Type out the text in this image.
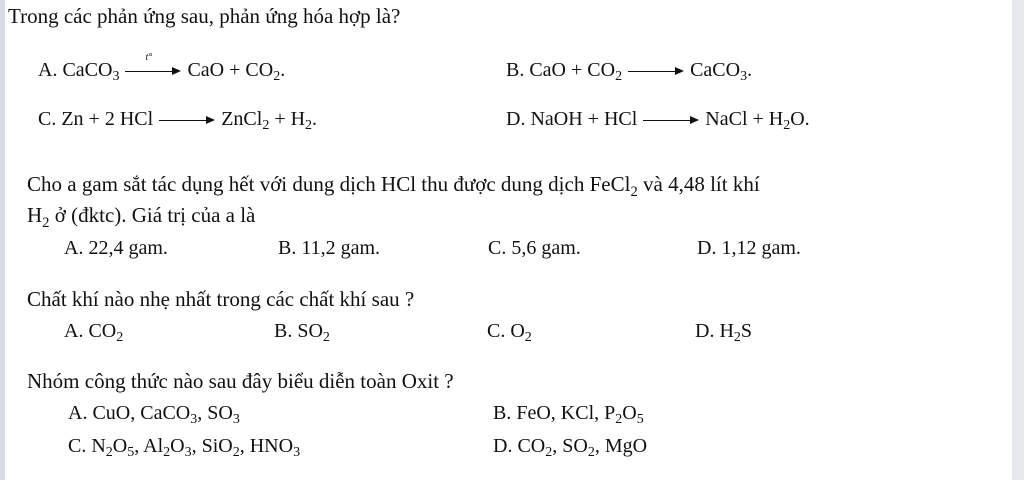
Trong các phản ứng sau, phản ứng hóa hợp là?
A. CaCO3
t°
CaO + CO2.	B. CaO + CO2	CaCO3.
C. Zn + 2 HCl	ZnCl2 + H2.	D. NaOH + HCl	NaCl + H2O.
Cho a gam sắt tác dụng hết với dung dịch HCl thu được dung dịch FeCl2 và 4,48 lít khí
H2 ở (đktc). Giá trị của a là
A. 22,4 gam.	B. 11,2 gam.	C. 5,6 gam.	D. 1,12 gam.
Chất khí nào nhẹ nhất trong các chất khí sau ?
A. CO2	B. SO2	C. O2	D. H2S
Nhóm công thức nào sau đây biểu diễn toàn Oxit ?
A. CuO, CaCO3, SO3	B. FeO, KCl, P2O5
C. N2O5, Al2O3, SiO2, HNO3	D. CO2, SO2, MgO
